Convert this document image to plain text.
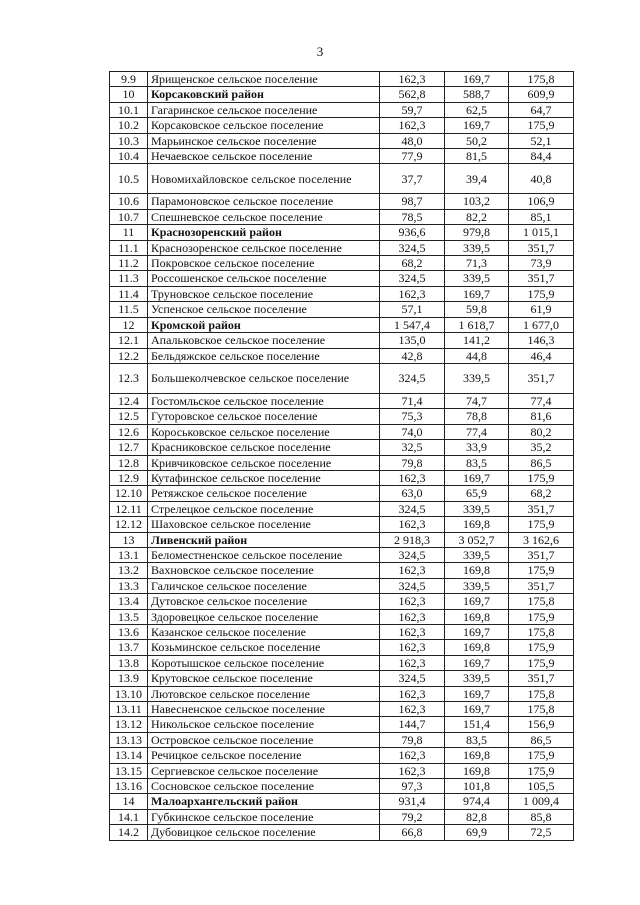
3
9.9	Ярищенское сельское поселение	162,3	169,7	175,8
10	Корсаковский район	562,8	588,7	609,9
10.1	Гагаринское сельское поселение	59,7	62,5	64,7
10.2	Корсаковское сельское поселение	162,3	169,7	175,9
10.3	Марьинское сельское поселение	48,0	50,2	52,1
10.4	Нечаевское сельское поселение	77,9	81,5	84,4
10.5	Новомихайловское сельское поселение	37,7	39,4	40,8
10.6	Парамоновское сельское поселение	98,7	103,2	106,9
10.7	Спешневское сельское поселение	78,5	82,2	85,1
11	Краснозоренский район	936,6	979,8	1 015,1
11.1	Краснозоренское сельское поселение	324,5	339,5	351,7
11.2	Покровское сельское поселение	68,2	71,3	73,9
11.3	Россошенское сельское поселение	324,5	339,5	351,7
11.4	Труновское сельское поселение	162,3	169,7	175,9
11.5	Успенское сельское поселение	57,1	59,8	61,9
12	Кромской район	1 547,4	1 618,7	1 677,0
12.1	Апальковское сельское поселение	135,0	141,2	146,3
12.2	Бельдяжское сельское поселение	42,8	44,8	46,4
12.3	Большеколчевское сельское поселение	324,5	339,5	351,7
12.4	Гостомльское сельское поселение	71,4	74,7	77,4
12.5	Гуторовское сельское поселение	75,3	78,8	81,6
12.6	Короськовское сельское поселение	74,0	77,4	80,2
12.7	Красниковское сельское поселение	32,5	33,9	35,2
12.8	Кривчиковское сельское поселение	79,8	83,5	86,5
12.9	Кутафинское сельское поселение	162,3	169,7	175,9
12.10	Ретяжское сельское поселение	63,0	65,9	68,2
12.11	Стрелецкое сельское поселение	324,5	339,5	351,7
12.12	Шаховское сельское поселение	162,3	169,8	175,9
13	Ливенский район	2 918,3	3 052,7	3 162,6
13.1	Беломестненское сельское поселение	324,5	339,5	351,7
13.2	Вахновское сельское поселение	162,3	169,8	175,9
13.3	Галичское сельское поселение	324,5	339,5	351,7
13.4	Дутовское сельское поселение	162,3	169,7	175,8
13.5	Здоровецкое сельское поселение	162,3	169,8	175,9
13.6	Казанское сельское поселение	162,3	169,7	175,8
13.7	Козьминское сельское поселение	162,3	169,8	175,9
13.8	Коротышское сельское поселение	162,3	169,7	175,9
13.9	Крутовское сельское поселение	324,5	339,5	351,7
13.10	Лютовское сельское поселение	162,3	169,7	175,8
13.11	Навесненское сельское поселение	162,3	169,7	175,8
13.12	Никольское сельское поселение	144,7	151,4	156,9
13.13	Островское сельское поселение	79,8	83,5	86,5
13.14	Речицкое сельское поселение	162,3	169,8	175,9
13.15	Сергиевское сельское поселение	162,3	169,8	175,9
13.16	Сосновское сельское поселение	97,3	101,8	105,5
14	Малоархангельский район	931,4	974,4	1 009,4
14.1	Губкинское сельское поселение	79,2	82,8	85,8
14.2	Дубовицкое сельское поселение	66,8	69,9	72,5
